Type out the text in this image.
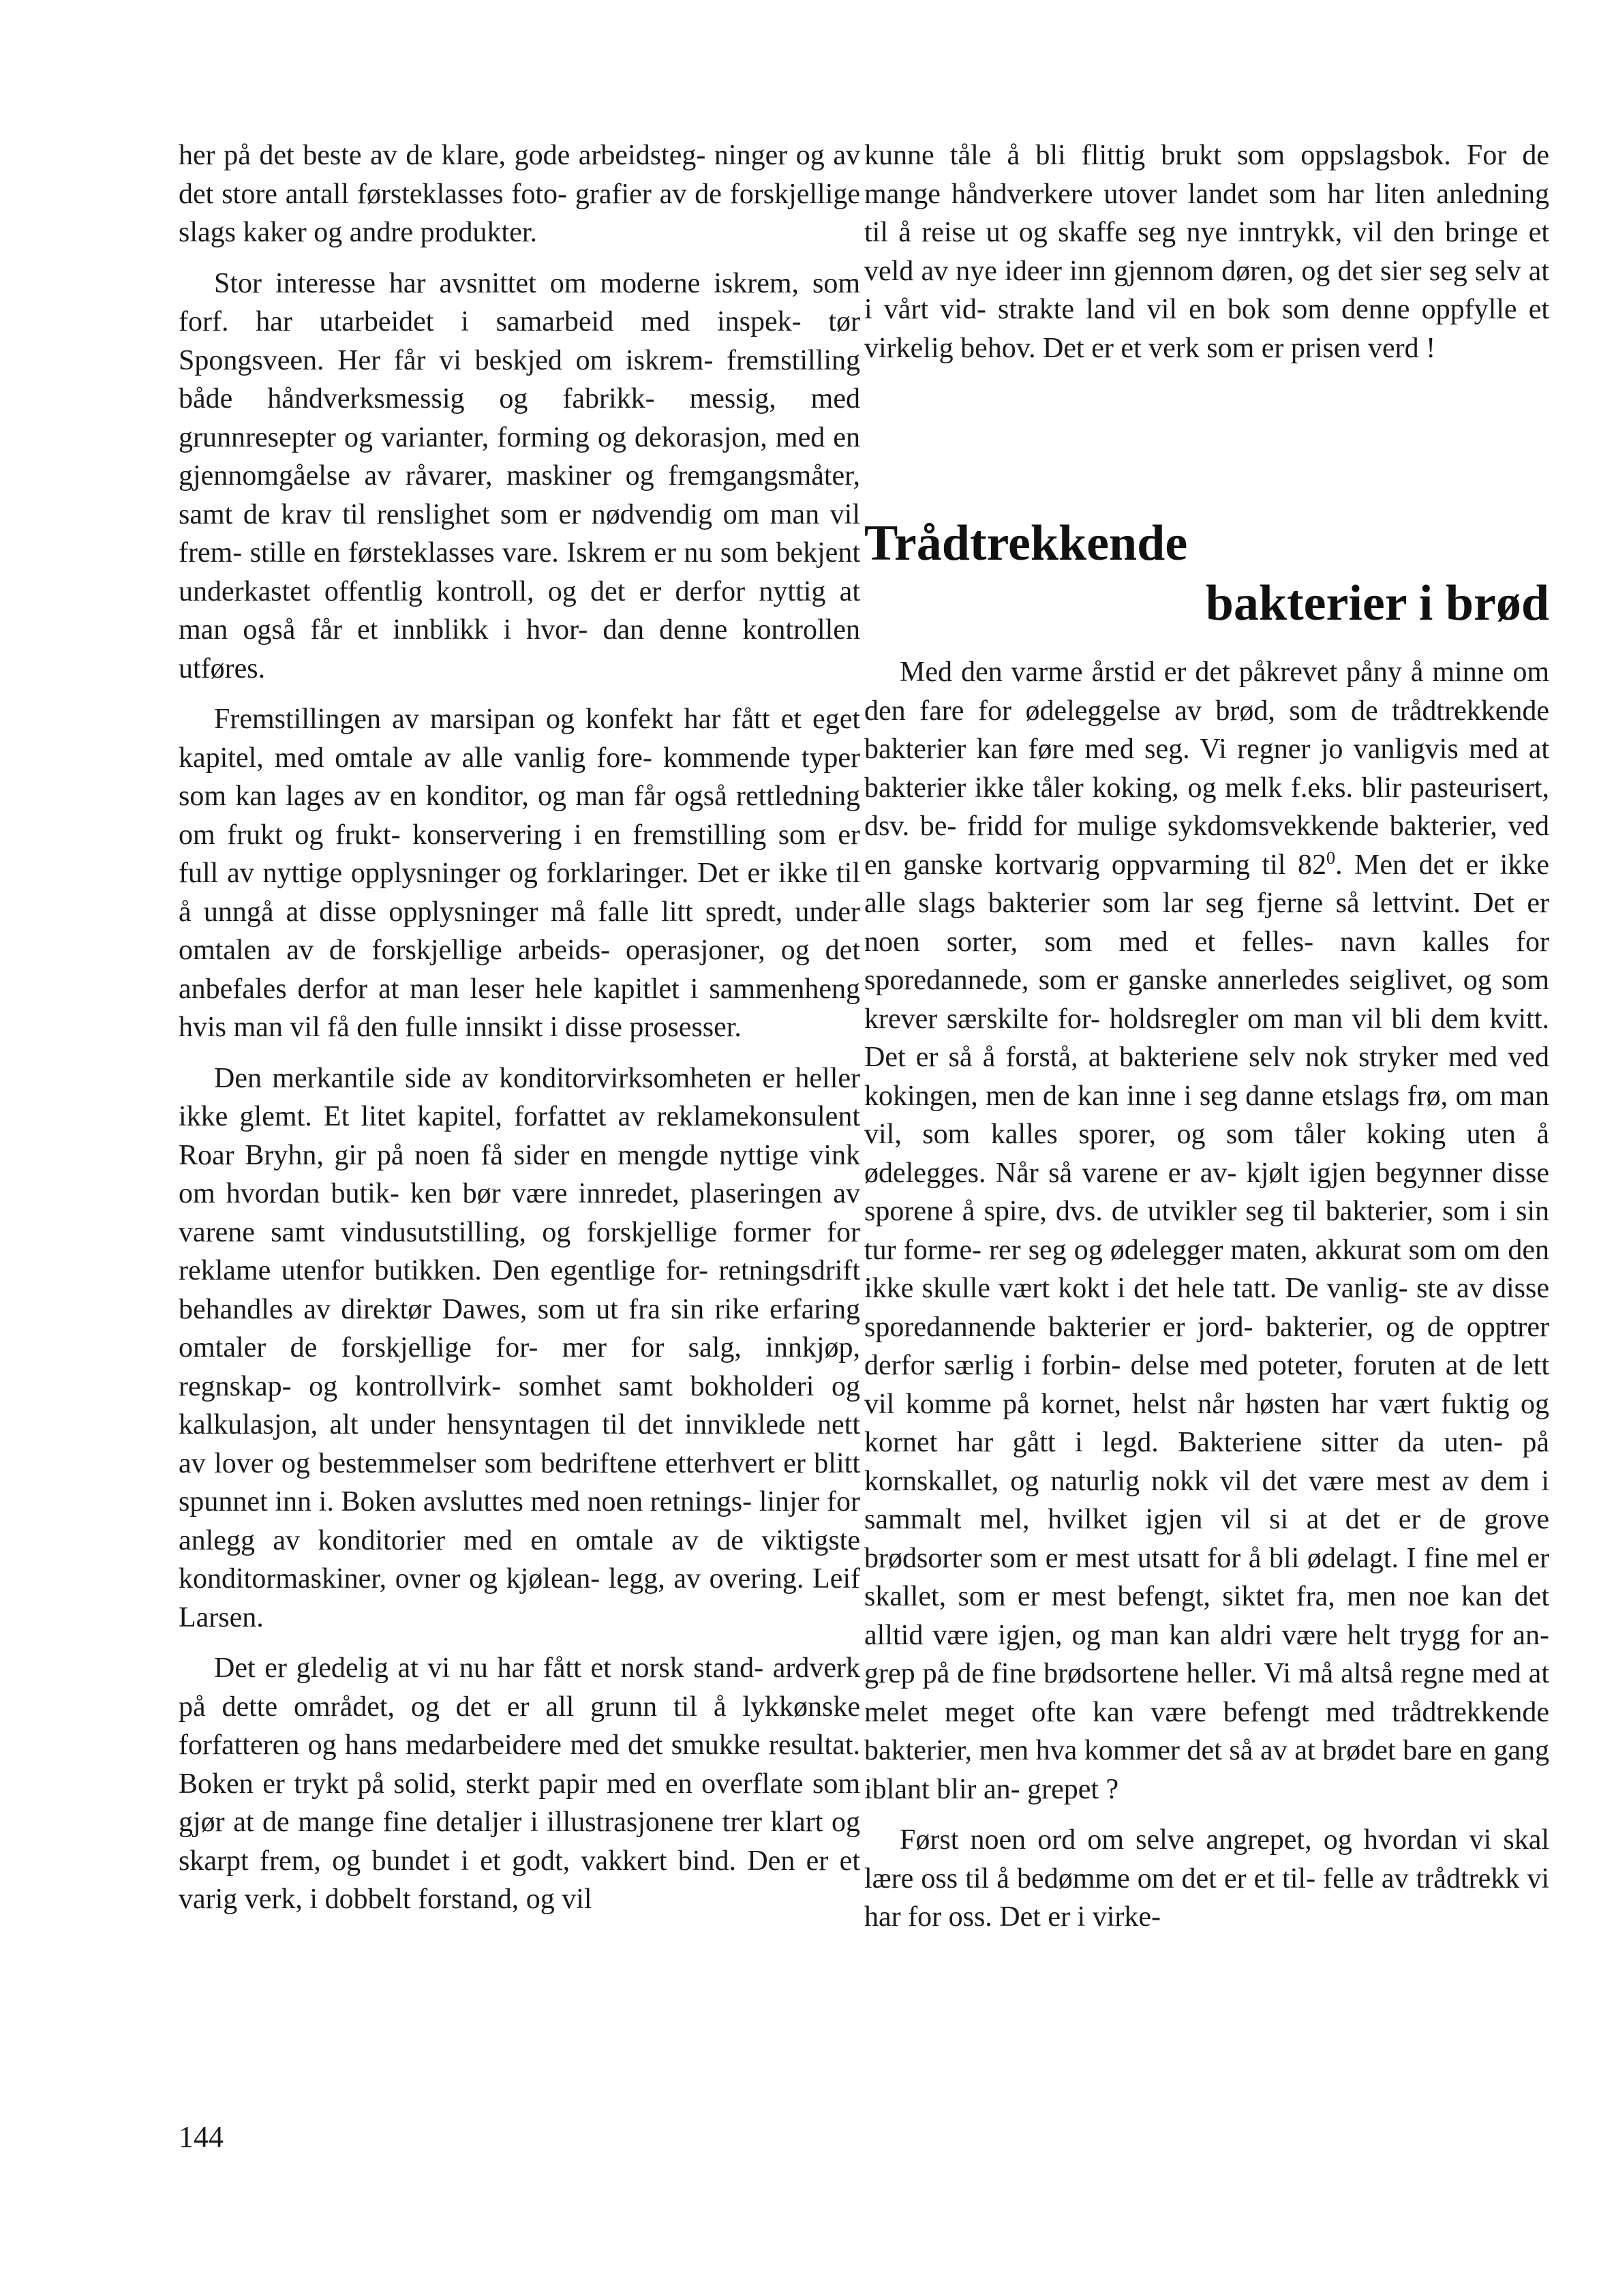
her på det beste av de klare, gode arbeidsteg- ninger og av det store antall førsteklasses foto- grafier av de forskjellige slags kaker og andre produkter.

Stor interesse har avsnittet om moderne iskrem, som forf. har utarbeidet i samarbeid med inspek- tør Spongsveen. Her får vi beskjed om iskrem- fremstilling både håndverksmessig og fabrikk- messig, med grunnresepter og varianter, forming og dekorasjon, med en gjennomgåelse av råvarer, maskiner og fremgangsmåter, samt de krav til renslighet som er nødvendig om man vil frem- stille en førsteklasses vare. Iskrem er nu som bekjent underkastet offentlig kontroll, og det er derfor nyttig at man også får et innblikk i hvor- dan denne kontrollen utføres.

Fremstillingen av marsipan og konfekt har fått et eget kapitel, med omtale av alle vanlig fore- kommende typer som kan lages av en konditor, og man får også rettledning om frukt og frukt- konservering i en fremstilling som er full av nyttige opplysninger og forklaringer. Det er ikke til å unngå at disse opplysninger må falle litt spredt, under omtalen av de forskjellige arbeids- operasjoner, og det anbefales derfor at man leser hele kapitlet i sammenheng hvis man vil få den fulle innsikt i disse prosesser.

Den merkantile side av konditorvirksomheten er heller ikke glemt. Et litet kapitel, forfattet av reklamekonsulent Roar Bryhn, gir på noen få sider en mengde nyttige vink om hvordan butik- ken bør være innredet, plaseringen av varene samt vindusutstilling, og forskjellige former for reklame utenfor butikken. Den egentlige for- retningsdrift behandles av direktør Dawes, som ut fra sin rike erfaring omtaler de forskjellige for- mer for salg, innkjøp, regnskap- og kontrollvirk- somhet samt bokholderi og kalkulasjon, alt under hensyntagen til det innviklede nett av lover og bestemmelser som bedriftene etterhvert er blitt spunnet inn i. Boken avsluttes med noen retnings- linjer for anlegg av konditorier med en omtale av de viktigste konditormaskiner, ovner og kjølean- legg, av overing. Leif Larsen.

Det er gledelig at vi nu har fått et norsk stand- ardverk på dette området, og det er all grunn til å lykkønske forfatteren og hans medarbeidere med det smukke resultat. Boken er trykt på solid, sterkt papir med en overflate som gjør at de mange fine detaljer i illustrasjonene trer klart og skarpt frem, og bundet i et godt, vakkert bind. Den er et varig verk, i dobbelt forstand, og vil

kunne tåle å bli flittig brukt som oppslagsbok. For de mange håndverkere utover landet som har liten anledning til å reise ut og skaffe seg nye inntrykk, vil den bringe et veld av nye ideer inn gjennom døren, og det sier seg selv at i vårt vid- strakte land vil en bok som denne oppfylle et virkelig behov. Det er et verk som er prisen verd !

Trådtrekkende
bakterier i brød

Med den varme årstid er det påkrevet påny å minne om den fare for ødeleggelse av brød, som de trådtrekkende bakterier kan føre med seg. Vi regner jo vanligvis med at bakterier ikke tåler koking, og melk f.eks. blir pasteurisert, dsv. be- fridd for mulige sykdomsvekkende bakterier, ved en ganske kortvarig oppvarming til $82^0$. Men det er ikke alle slags bakterier som lar seg fjerne så lettvint. Det er noen sorter, som med et felles- navn kalles for sporedannede, som er ganske annerledes seiglivet, og som krever særskilte for- holdsregler om man vil bli dem kvitt. Det er så å forstå, at bakteriene selv nok stryker med ved kokingen, men de kan inne i seg danne etslags frø, om man vil, som kalles sporer, og som tåler koking uten å ødelegges. Når så varene er av- kjølt igjen begynner disse sporene å spire, dvs. de utvikler seg til bakterier, som i sin tur forme- rer seg og ødelegger maten, akkurat som om den ikke skulle vært kokt i det hele tatt. De vanlig- ste av disse sporedannende bakterier er jord- bakterier, og de opptrer derfor særlig i forbin- delse med poteter, foruten at de lett vil komme på kornet, helst når høsten har vært fuktig og kornet har gått i legd. Bakteriene sitter da uten- på kornskallet, og naturlig nokk vil det være mest av dem i sammalt mel, hvilket igjen vil si at det er de grove brødsorter som er mest utsatt for å bli ødelagt. I fine mel er skallet, som er mest befengt, siktet fra, men noe kan det alltid være igjen, og man kan aldri være helt trygg for an- grep på de fine brødsortene heller. Vi må altså regne med at melet meget ofte kan være befengt med trådtrekkende bakterier, men hva kommer det så av at brødet bare en gang iblant blir an- grepet ?

Først noen ord om selve angrepet, og hvordan vi skal lære oss til å bedømme om det er et til- felle av trådtrekk vi har for oss. Det er i virke-

144
